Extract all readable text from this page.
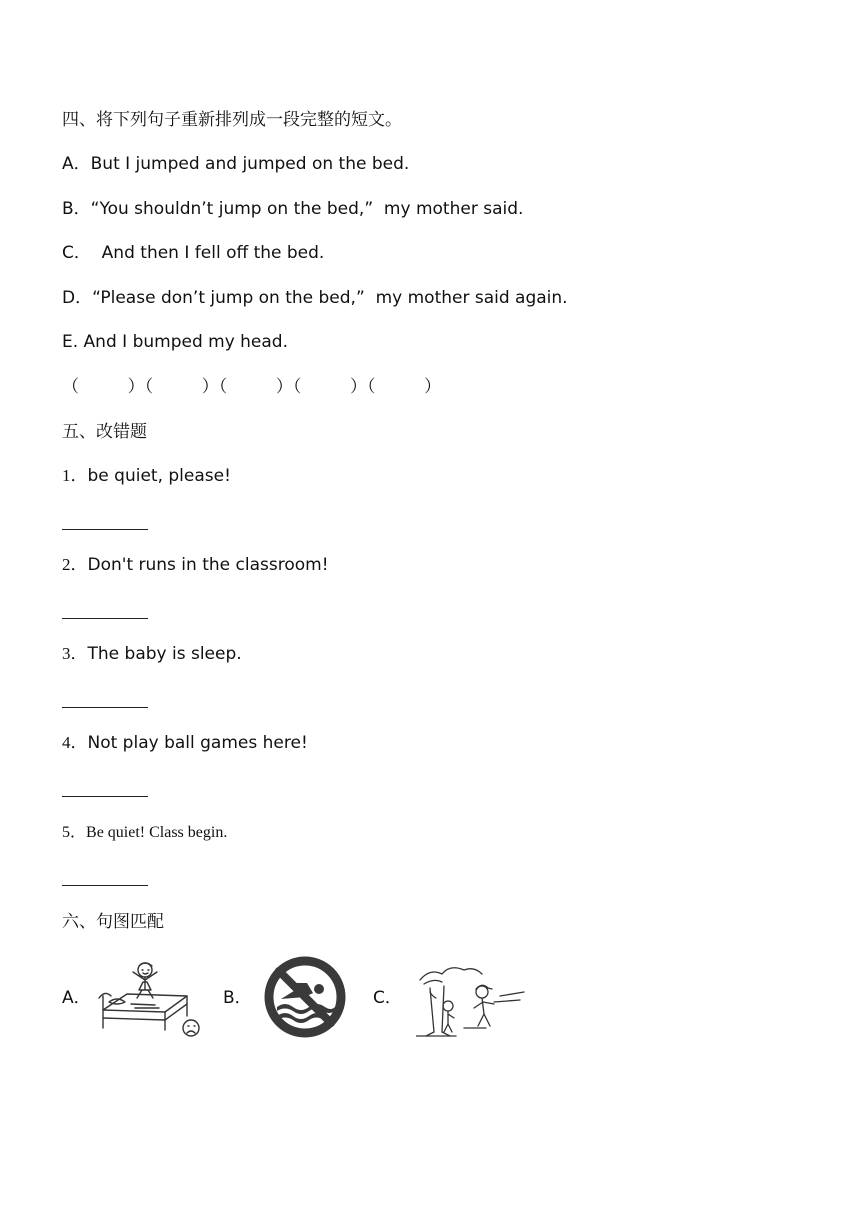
四、将下列句子重新排列成一段完整的短文。
A．But I jumped and jumped on the bed.
B．“You shouldn’t jump on the bed,”  my mother said.
C．  And then I fell off the bed.
D．“Please don’t jump on the bed,”  my mother said again.
E. And I bumped my head.
（         ）（         ）（         ）（         ）（         ）
五、改错题
1．be quiet, please!
2．Don't runs in the classroom!
3．The baby is sleep.
4．Not play ball games here!
5．Be quiet! Class begin.
六、句图匹配
A．	B．	C．
